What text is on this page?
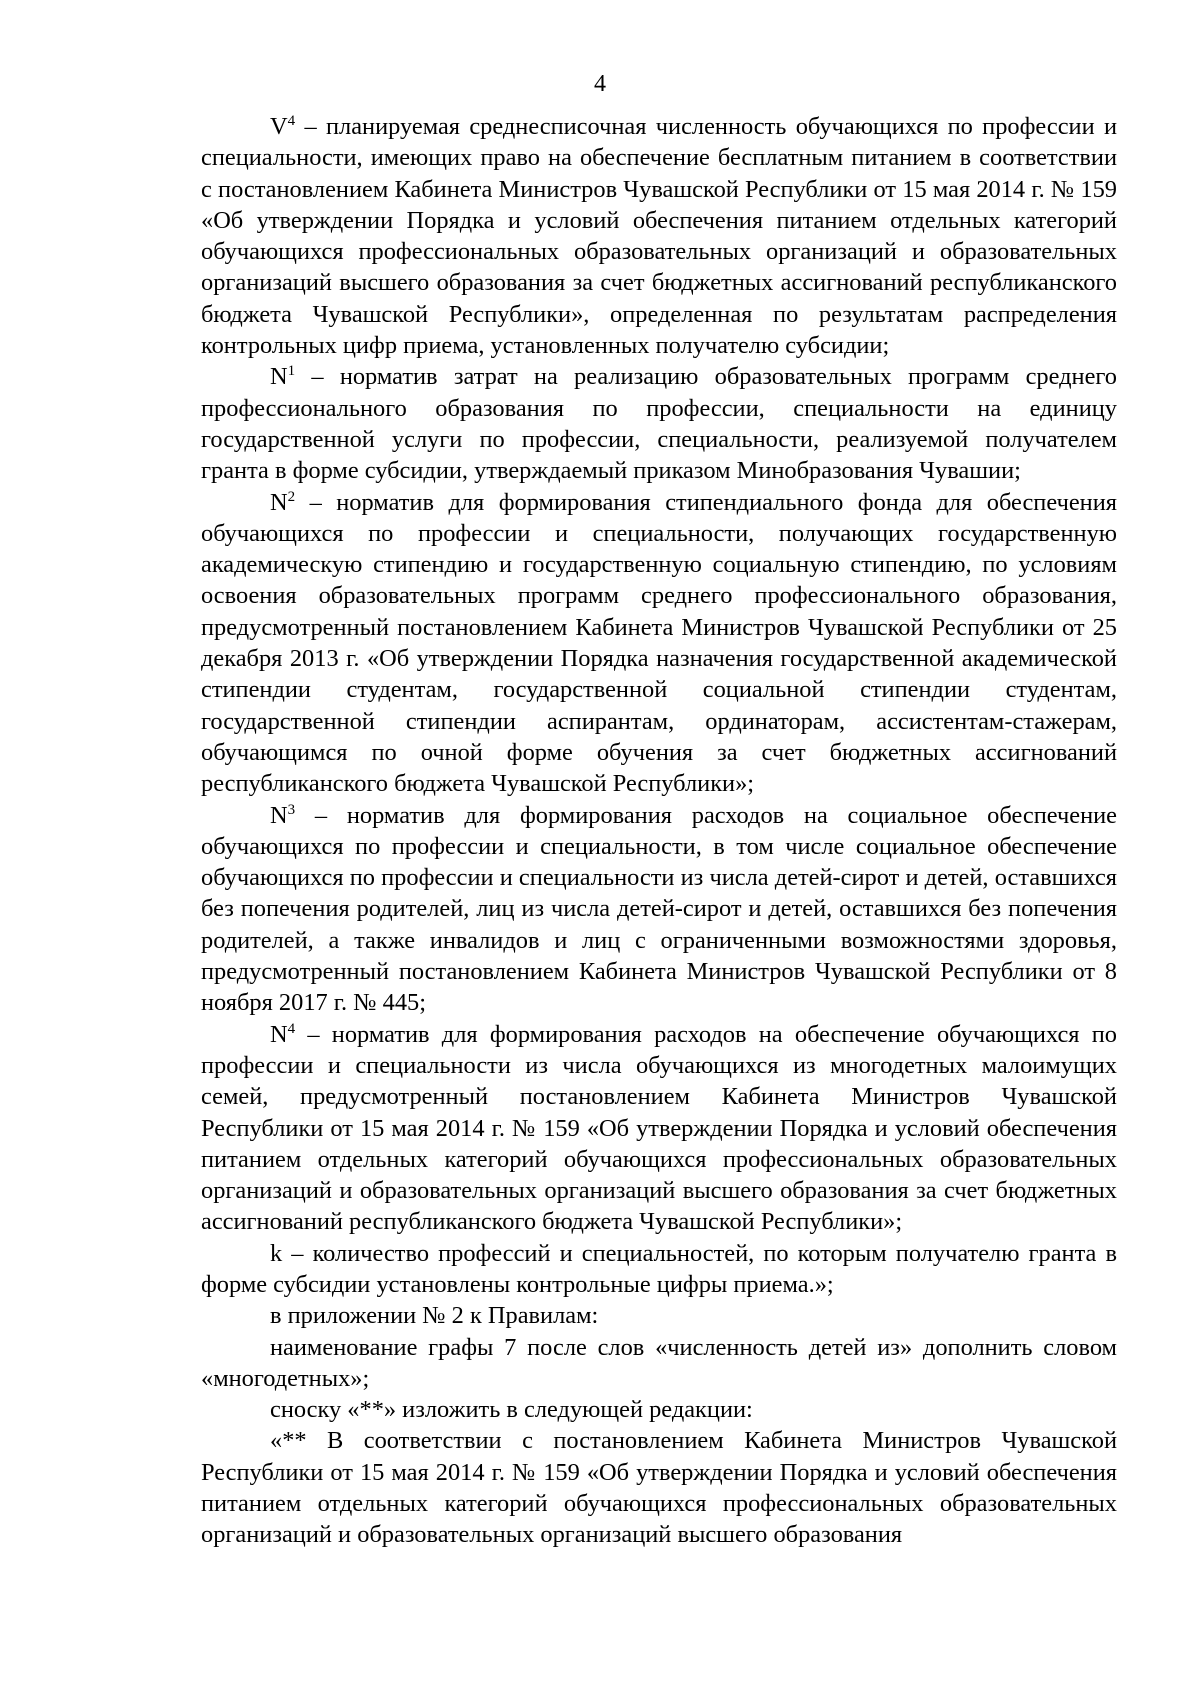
4

$V^4$ – планируемая среднесписочная численность обучающихся по профессии и специальности, имеющих право на обеспечение бесплатным питанием в соответствии с постановлением Кабинета Министров Чувашской Республики от 15 мая 2014 г. № 159 «Об утверждении Порядка и условий обеспечения питанием отдельных категорий обучающихся профессиональных образовательных организаций и образовательных организаций высшего образования за счет бюджетных ассигнований республиканского бюджета Чувашской Республики», определенная по результатам распределения контрольных цифр приема, установленных получателю субсидии;

$N^1$ – норматив затрат на реализацию образовательных программ среднего профессионального образования по профессии, специальности на единицу государственной услуги по профессии, специальности, реализуемой получателем гранта в форме субсидии, утверждаемый приказом Минобразования Чувашии;

$N^2$ – норматив для формирования стипендиального фонда для обеспечения обучающихся по профессии и специальности, получающих государственную академическую стипендию и государственную социальную стипендию, по условиям освоения образовательных программ среднего профессионального образования, предусмотренный постановлением Кабинета Министров Чувашской Республики от 25 декабря 2013 г. «Об утверждении Порядка назначения государственной академической стипендии студентам, государственной социальной стипендии студентам, государственной стипендии аспирантам, ординаторам, ассистентам-стажерам, обучающимся по очной форме обучения за счет бюджетных ассигнований республиканского бюджета Чувашской Республики»;

$N^3$ – норматив для формирования расходов на социальное обеспечение обучающихся по профессии и специальности, в том числе социальное обеспечение обучающихся по профессии и специальности из числа детей-сирот и детей, оставшихся без попечения родителей, лиц из числа детей-сирот и детей, оставшихся без попечения родителей, а также инвалидов и лиц с ограниченными возможностями здоровья, предусмотренный постановлением Кабинета Министров Чувашской Республики от 8 ноября 2017 г. № 445;

$N^4$ – норматив для формирования расходов на обеспечение обучающихся по профессии и специальности из числа обучающихся из многодетных малоимущих семей, предусмотренный постановлением Кабинета Министров Чувашской Республики от 15 мая 2014 г. № 159 «Об утверждении Порядка и условий обеспечения питанием отдельных категорий обучающихся профессиональных образовательных организаций и образовательных организаций высшего образования за счет бюджетных ассигнований республиканского бюджета Чувашской Республики»;

k – количество профессий и специальностей, по которым получателю гранта в форме субсидии установлены контрольные цифры приема.»;

в приложении № 2 к Правилам:

наименование графы 7 после слов «численность детей из» дополнить словом «многодетных»;

сноску «**» изложить в следующей редакции:

«** В соответствии с постановлением Кабинета Министров Чувашской Республики от 15 мая 2014 г. № 159 «Об утверждении Порядка и условий обеспечения питанием отдельных категорий обучающихся профессиональных образовательных организаций и образовательных организаций высшего образования
